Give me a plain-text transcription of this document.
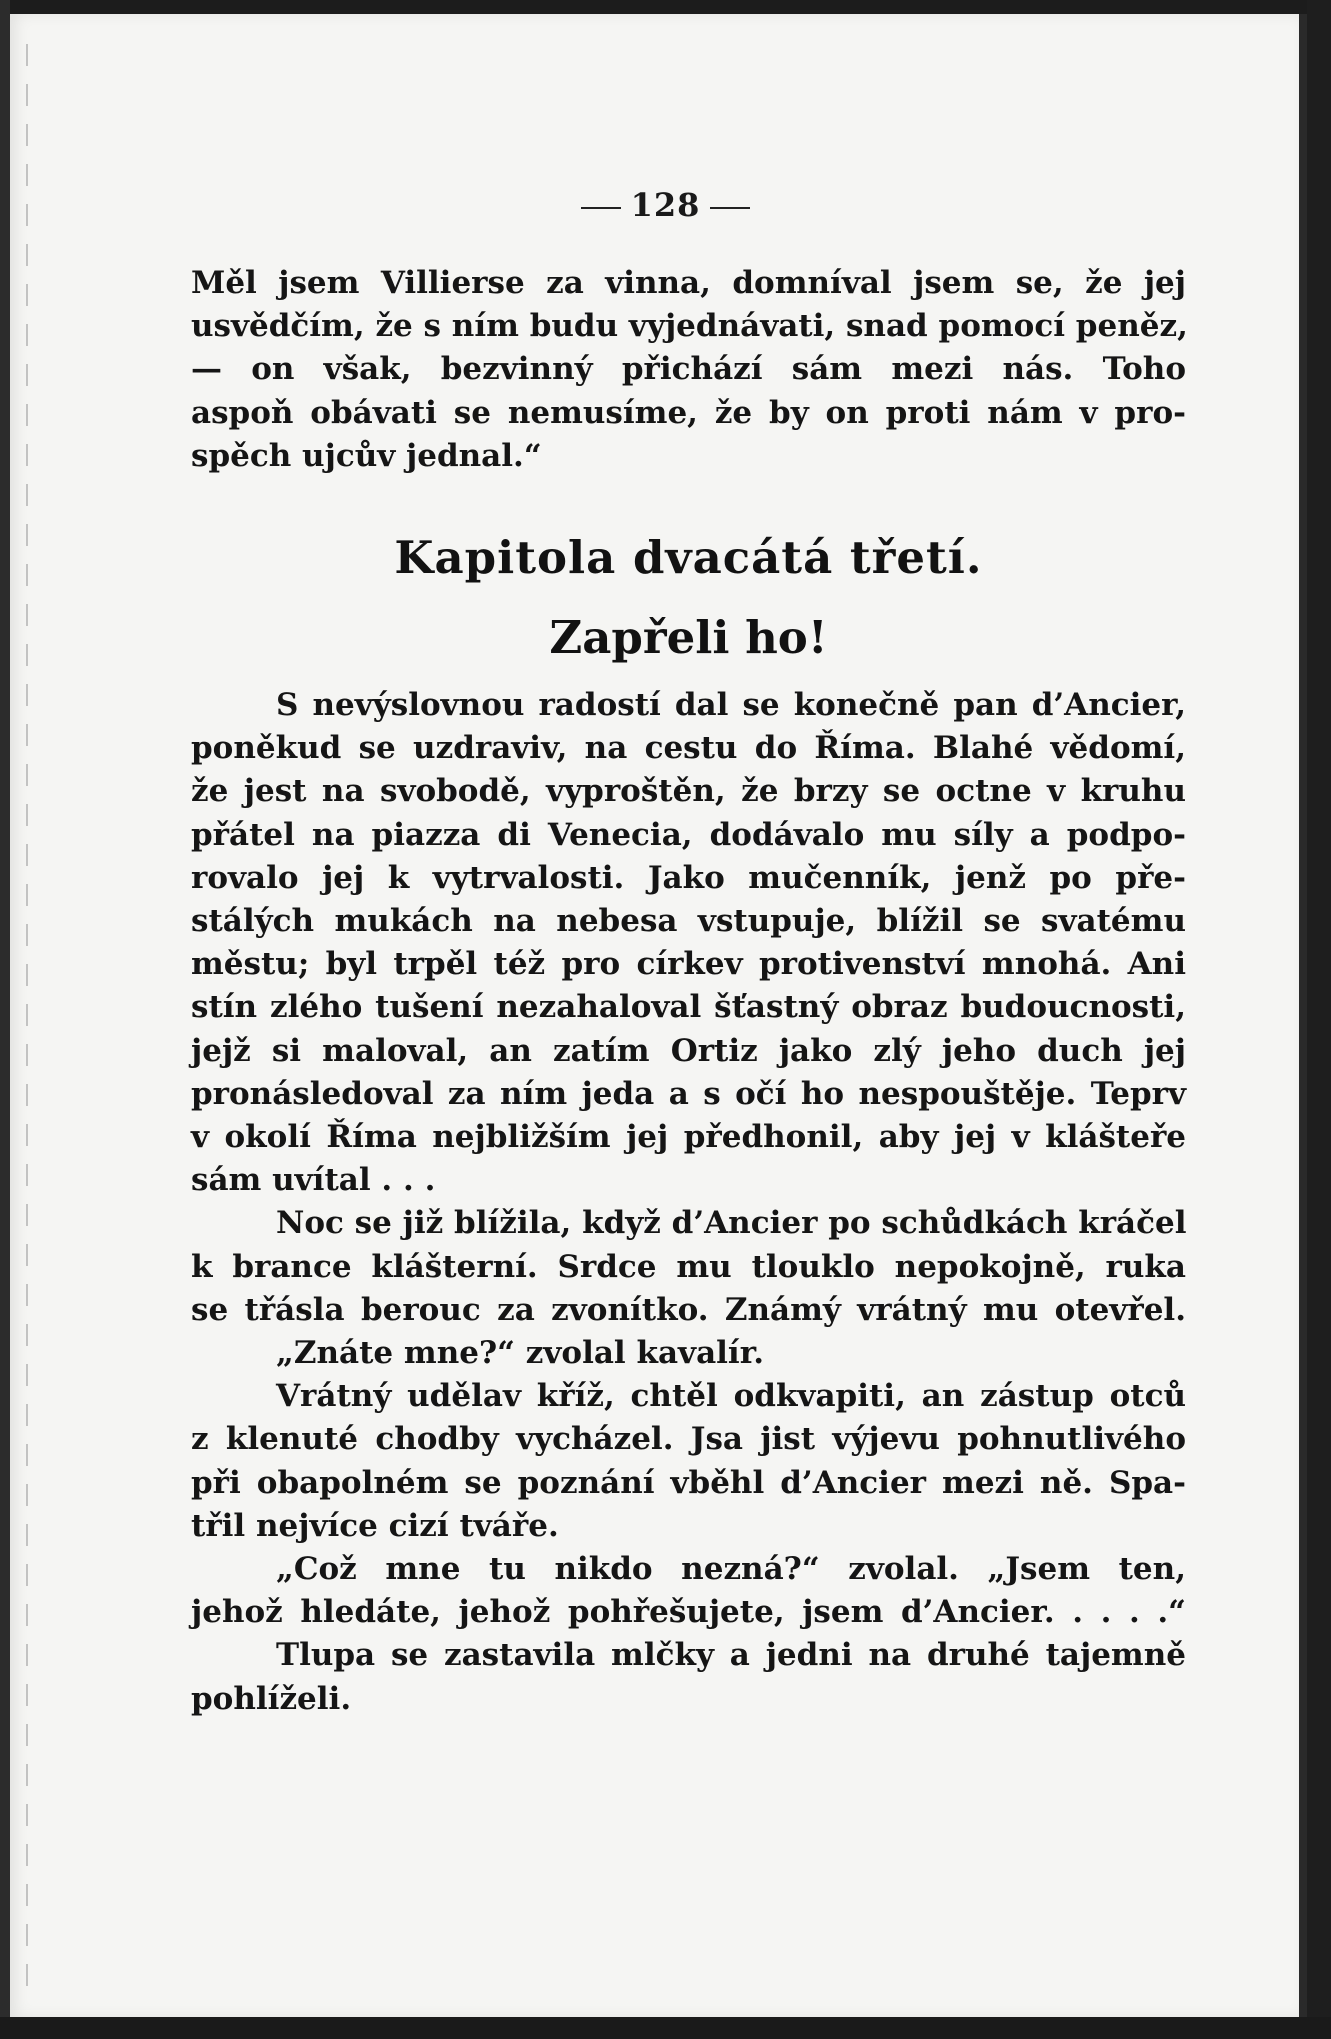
128
Měl jsem Villierse za vinna, domníval jsem se, že jej
usvědčím, že s ním budu vyjednávati, snad pomocí peněz,
— on však, bezvinný přichází sám mezi nás. Toho
aspoň obávati se nemusíme, že by on proti nám v pro-
spěch ujcův jednal.“
Kapitola dvacátá třetí.
Zapřeli ho!
S nevýslovnou radostí dal se konečně pan d’Ancier,
poněkud se uzdraviv, na cestu do Říma. Blahé vědomí,
že jest na svobodě, vyproštěn, že brzy se octne v kruhu
přátel na piazza di Venecia, dodávalo mu síly a podpo-
rovalo jej k vytrvalosti. Jako mučenník, jenž po pře-
stálých mukách na nebesa vstupuje, blížil se svatému
městu; byl trpěl též pro církev protivenství mnohá. Ani
stín zlého tušení nezahaloval šťastný obraz budoucnosti,
jejž si maloval, an zatím Ortiz jako zlý jeho duch jej
pronásledoval za ním jeda a s očí ho nespouštěje. Teprv
v okolí Říma nejbližším jej předhonil, aby jej v klášteře
sám uvítal . . .
Noc se již blížila, když d’Ancier po schůdkách kráčel
k brance klášterní. Srdce mu tlouklo nepokojně, ruka
se třásla berouc za zvonítko. Známý vrátný mu otevřel.
„Znáte mne?“ zvolal kavalír.
Vrátný udělav kříž, chtěl odkvapiti, an zástup otců
z klenuté chodby vycházel. Jsa jist výjevu pohnutlivého
při obapolném se poznání vběhl d’Ancier mezi ně. Spa-
třil nejvíce cizí tváře.
„Což mne tu nikdo nezná?“ zvolal. „Jsem ten,
jehož hledáte, jehož pohřešujete, jsem d’Ancier. . . . .“
Tlupa se zastavila mlčky a jedni na druhé tajemně
pohlíželi.
